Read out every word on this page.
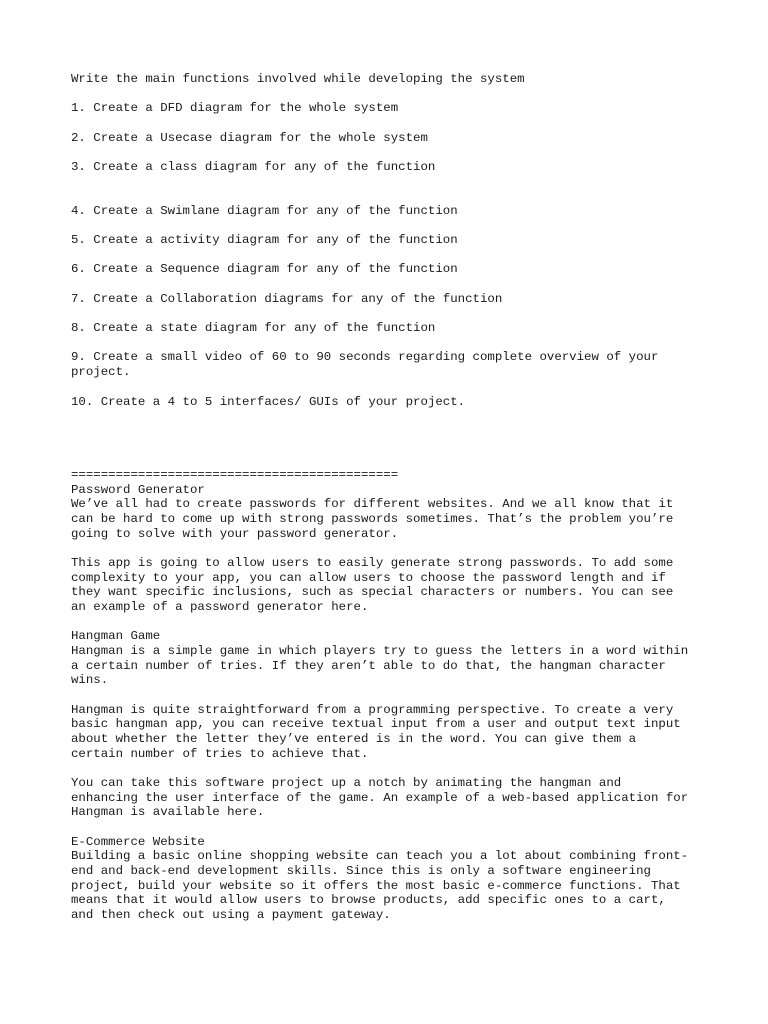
Write the main functions involved while developing the system

1. Create a DFD diagram for the whole system

2. Create a Usecase diagram for the whole system

3. Create a class diagram for any of the function

4. Create a Swimlane diagram for any of the function

5. Create a activity diagram for any of the function

6. Create a Sequence diagram for any of the function

7. Create a Collaboration diagrams for any of the function

8. Create a state diagram for any of the function

9. Create a small video of 60 to 90 seconds regarding complete overview of your

project.

10. Create a 4 to 5 interfaces/ GUIs of your project.

============================================

Password Generator

We’ve all had to create passwords for different websites. And we all know that it

can be hard to come up with strong passwords sometimes. That’s the problem you’re

going to solve with your password generator.

This app is going to allow users to easily generate strong passwords. To add some

complexity to your app, you can allow users to choose the password length and if

they want specific inclusions, such as special characters or numbers. You can see

an example of a password generator here.

Hangman Game

Hangman is a simple game in which players try to guess the letters in a word within

a certain number of tries. If they aren’t able to do that, the hangman character

wins.

Hangman is quite straightforward from a programming perspective. To create a very

basic hangman app, you can receive textual input from a user and output text input

about whether the letter they’ve entered is in the word. You can give them a

certain number of tries to achieve that.

You can take this software project up a notch by animating the hangman and

enhancing the user interface of the game. An example of a web-based application for

Hangman is available here.

E-Commerce Website

Building a basic online shopping website can teach you a lot about combining front-

end and back-end development skills. Since this is only a software engineering

project, build your website so it offers the most basic e-commerce functions. That

means that it would allow users to browse products, add specific ones to a cart,

and then check out using a payment gateway.
